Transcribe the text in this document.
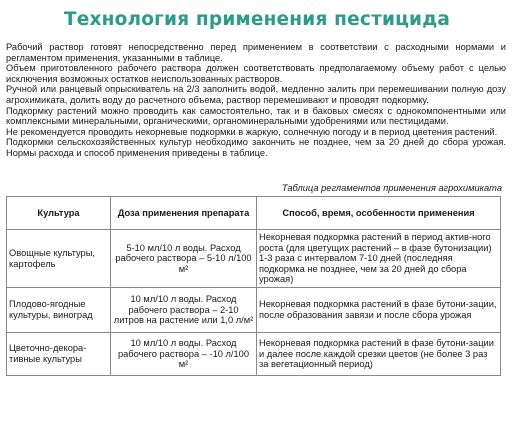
Технология применения пестицида

Рабочий раствор готовят непосредственно перед применением в соответствии с расходными нормами и регламентом применения, указанными в таблице.

Объем приготовленного рабочего раствора должен соответствовать предполагаемому объему работ с целью исключения возможных остатков неиспользованных растворов.

Ручной или ранцевый опрыскиватель на 2/3 заполнить водой, медленно залить при перемешивании полную дозу агрохимиката, долить воду до расчетного объема, раствор перемешивают и проводят подкормку.

Подкормку растений можно проводить как самостоятельно, так и в баковых смесях с однокомпонентными или комплексными минеральными, органическими, органоминеральными удобрениями или пестицидами.

Не рекомендуется проводить некорневые подкормки в жаркую, солнечную погоду и в период цветения растений.

Подкормки сельскохозяйственных культур необходимо закончить не позднее, чем за 20 дней до сбора урожая. Нормы расхода и способ применения приведены в таблице.

Таблица регламентов применения агрохимиката
Культура	Доза применения препарата	Способ, время, особенности применения
Овощные культуры, картофель	5-10 мл/10 л воды. Расход рабочего раствора – 5-10 л/100 м²	Некорневая подкормка растений в период актив-ного роста (для цветущих растений – в фазе бутонизации) 1-3 раза с интервалом 7-10 дней (последняя подкормка не позднее, чем за 20 дней до сбора урожая)
Плодово-ягодные культуры, виноград	10 мл/10 л воды. Расход рабочего раствора – 2-10 литров на растение или 1,0 л/м²	Некорневая подкормка растений в фазе бутони-зации, после образования завязи и после сбора урожая
Цветочно-декора-тивные культуры	10 мл/10 л воды. Расход рабочего раствора – -10 л/100 м²	Некорневая подкормка растений в фазе бутони-зации и далее после каждой срезки цветов (не более 3 раз за вегетационный период)
